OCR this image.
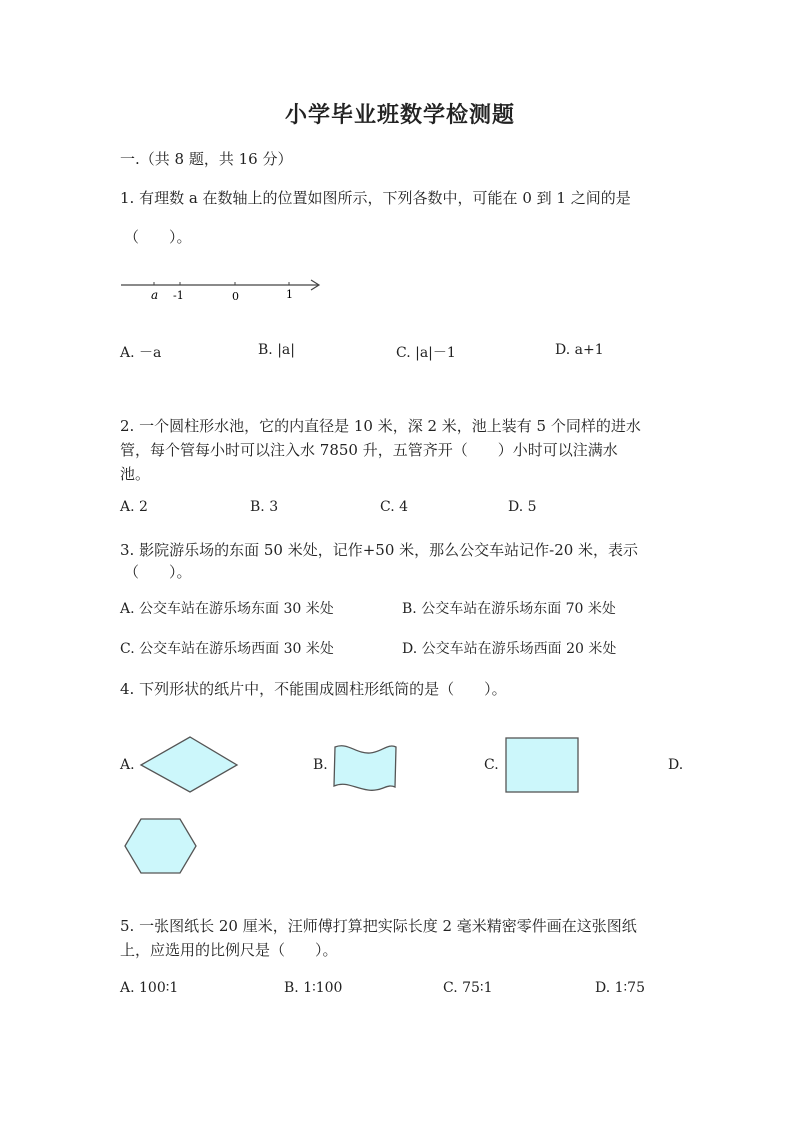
小学毕业班数学检测题
一.（共 8 题，共 16 分）
1. 有理数 a 在数轴上的位置如图所示，下列各数中，可能在 0 到 1 之间的是
（　　）。
a -1	0	1
A. －a	B. |a|	C. |a|－1	D. a+1
2. 一个圆柱形水池，它的内直径是 10 米，深 2 米，池上装有 5 个同样的进水
管，每个管每小时可以注入水 7850 升，五管齐开（　　）小时可以注满水
池。
A. 2	B. 3	C. 4	D. 5
3. 影院游乐场的东面 50 米处，记作+50 米，那么公交车站记作-20 米，表示
（　　）。
A. 公交车站在游乐场东面 30 米处	B. 公交车站在游乐场东面 70 米处
C. 公交车站在游乐场西面 30 米处	D. 公交车站在游乐场西面 20 米处
4. 下列形状的纸片中，不能围成圆柱形纸筒的是（　　）。
A.	B.	C.	D.
5. 一张图纸长 20 厘米，汪师傅打算把实际长度 2 毫米精密零件画在这张图纸
上，应选用的比例尺是（　　）。
A. 100∶1	B. 1∶100	C. 75∶1	D. 1∶75
